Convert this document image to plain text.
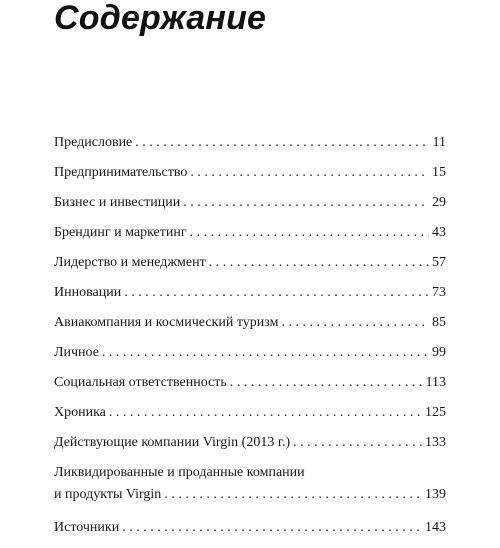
Содержание
Предисловие . . .	11
Предпринимательство . . .	15
Бизнес и инвестиции . . .	29
Брендинг и маркетинг . . .	43
Лидерство и менеджмент . . .	57
Инновации . . .	73
Авиакомпания и космический туризм . . .	85
Личное . . .	99
Социальная ответственность . . .	113
Хроника . . .	125
Действующие компании Virgin (2013 г.) . . .	133
Ликвидированные и проданные компании
и продукты Virgin . . .	139
Источники . . .	143
